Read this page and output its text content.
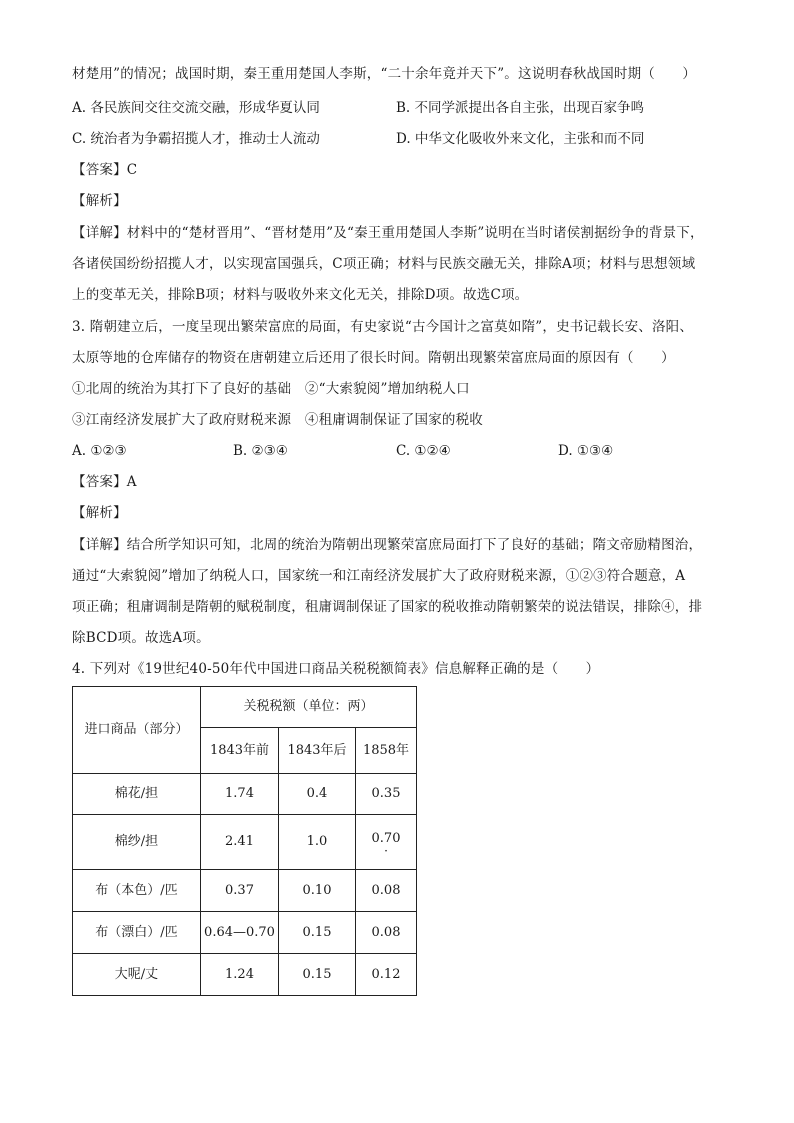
材楚用”的情况；战国时期，秦王重用楚国人李斯，“二十余年竟并天下”。这说明春秋战国时期（　　）
A. 各民族间交往交流交融，形成华夏认同	B. 不同学派提出各自主张，出现百家争鸣
C. 统治者为争霸招揽人才，推动士人流动	D. 中华文化吸收外来文化，主张和而不同
【答案】C
【解析】
【详解】材料中的“楚材晋用”、“晋材楚用”及“秦王重用楚国人李斯”说明在当时诸侯割据纷争的背景下，
各诸侯国纷纷招揽人才，以实现富国强兵，C项正确；材料与民族交融无关，排除A项；材料与思想领域
上的变革无关，排除B项；材料与吸收外来文化无关，排除D项。故选C项。
3. 隋朝建立后，一度呈现出繁荣富庶的局面，有史家说“古今国计之富莫如隋”，史书记载长安、洛阳、
太原等地的仓库储存的物资在唐朝建立后还用了很长时间。隋朝出现繁荣富庶局面的原因有（　　）
①北周的统治为其打下了良好的基础　②“大索貌阅”增加纳税人口
③江南经济发展扩大了政府财税来源　④租庸调制保证了国家的税收
A. ①②③	B. ②③④	C. ①②④	D. ①③④
【答案】A
【解析】
【详解】结合所学知识可知，北周的统治为隋朝出现繁荣富庶局面打下了良好的基础；隋文帝励精图治，
通过“大索貌阅”增加了纳税人口，国家统一和江南经济发展扩大了政府财税来源，①②③符合题意，A
项正确；租庸调制是隋朝的赋税制度，租庸调制保证了国家的税收推动隋朝繁荣的说法错误，排除④，排
除BCD项。故选A项。
4. 下列对《19世纪40-50年代中国进口商品关税税额简表》信息解释正确的是（　　）
进口商品（部分）	关税税额（单位：两）		
	1843年前	1843年后	1858年
棉花/担	1.74	0.4	0.35
棉纱/担	2.41	1.0	0.70
·

布（本色）/匹	0.37	0.10	0.08
布（漂白）/匹	0.64—0.70	0.15	0.08
大呢/丈	1.24	0.15	0.12
